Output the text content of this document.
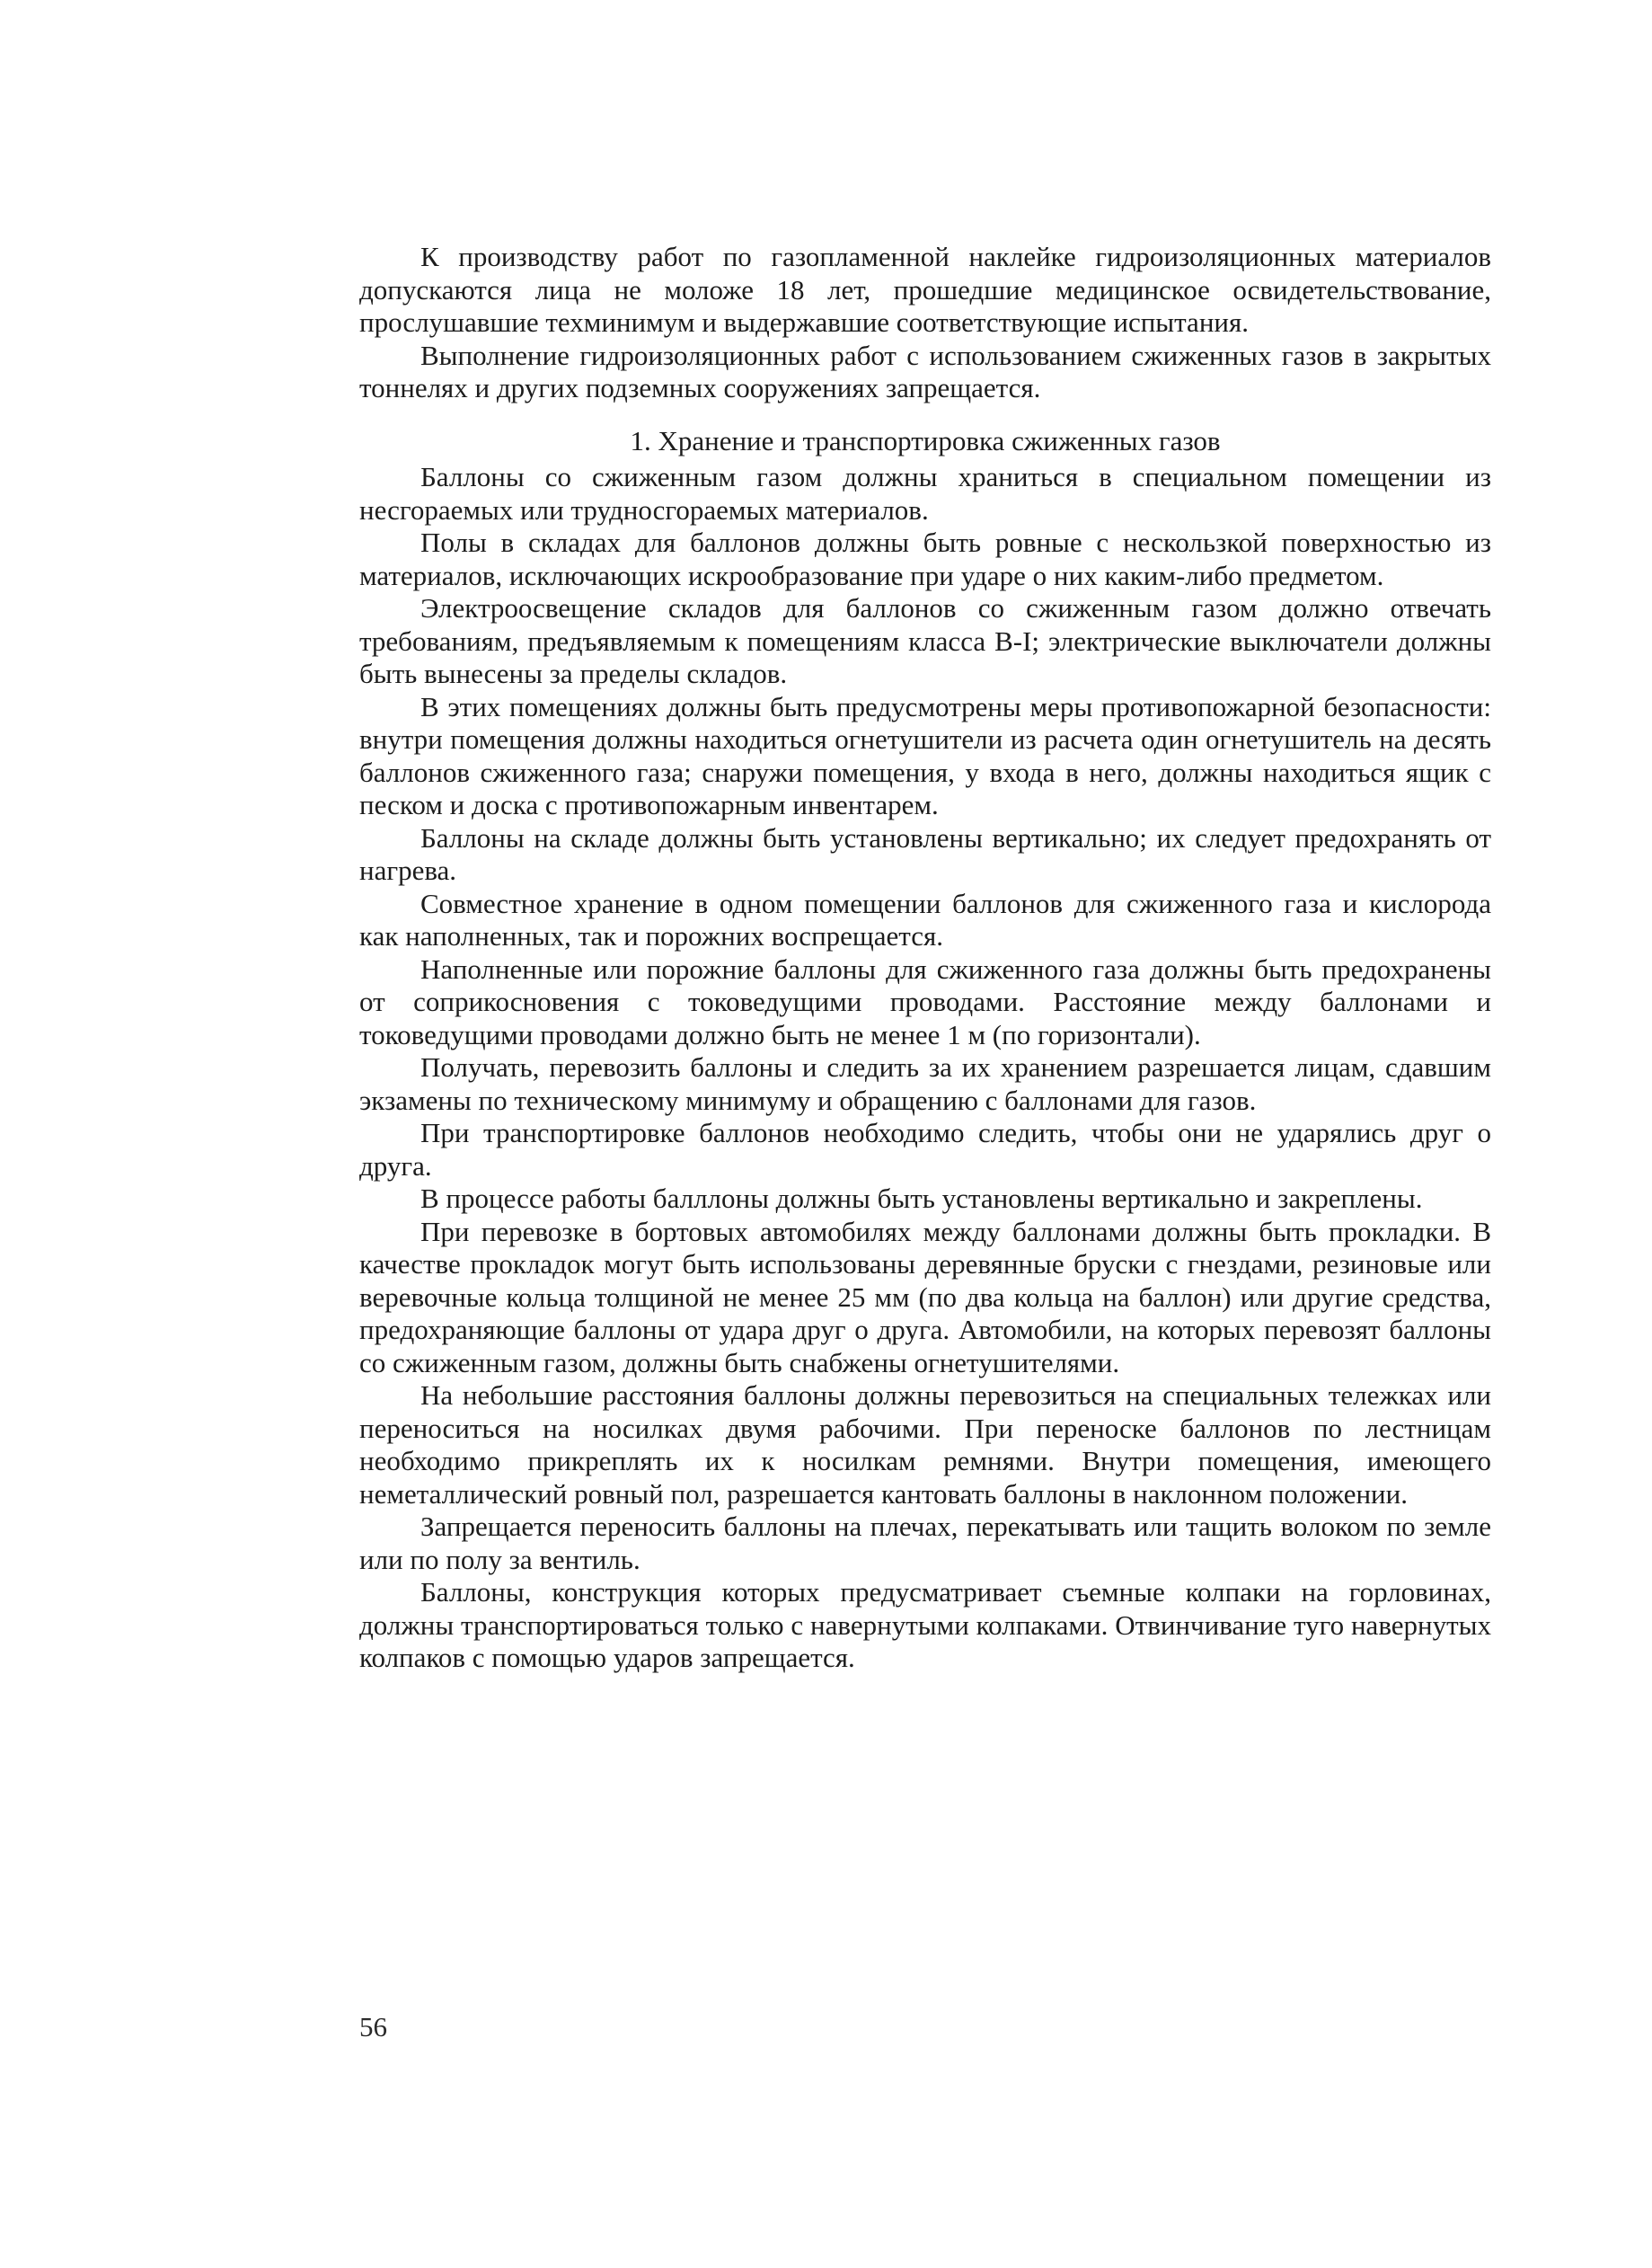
К производству работ по газопламенной наклейке гидроизоляционных материалов допускаются лица не моложе 18 лет, прошедшие медицинское освидетельствование, прослушавшие техминимум и выдержавшие соответствующие испытания.

Выполнение гидроизоляционных работ с использованием сжиженных газов в закрытых тоннелях и других подземных сооружениях запрещается.

1. Хранение и транспортировка сжиженных газов

Баллоны со сжиженным газом должны храниться в специальном помещении из несгораемых или трудносгораемых материалов.

Полы в складах для баллонов должны быть ровные с нескользкой поверхностью из материалов, исключающих искрообразование при ударе о них каким-либо предметом.

Электроосвещение складов для баллонов со сжиженным газом должно отвечать требованиям, предъявляемым к помещениям класса В-I; электрические выключатели должны быть вынесены за пределы складов.

В этих помещениях должны быть предусмотрены меры противопожарной безопасности: внутри помещения должны находиться огнетушители из расчета один огнетушитель на десять баллонов сжиженного газа; снаружи помещения, у входа в него, должны находиться ящик с песком и доска с противопожарным инвентарем.

Баллоны на складе должны быть установлены вертикально; их следует предохранять от нагрева.

Совместное хранение в одном помещении баллонов для сжиженного газа и кислорода как наполненных, так и порожних воспрещается.

Наполненные или порожние баллоны для сжиженного газа должны быть предохранены от соприкосновения с токоведущими проводами. Расстояние между баллонами и токоведущими проводами должно быть не менее 1 м (по горизонтали).

Получать, перевозить баллоны и следить за их хранением разрешается лицам, сдавшим экзамены по техническому минимуму и обращению с баллонами для газов.

При транспортировке баллонов необходимо следить, чтобы они не ударялись друг о друга.

В процессе работы балллоны должны быть установлены вертикально и закреплены.

При перевозке в бортовых автомобилях между баллонами должны быть прокладки. В качестве прокладок могут быть использованы деревянные бруски с гнездами, резиновые или веревочные кольца толщиной не менее 25 мм (по два кольца на баллон) или другие средства, предохраняющие баллоны от удара друг о друга. Автомобили, на которых перевозят баллоны со сжиженным газом, должны быть снабжены огнетушителями.

На небольшие расстояния баллоны должны перевозиться на специальных тележках или переноситься на носилках двумя рабочими. При переноске баллонов по лестницам необходимо прикреплять их к носилкам ремнями. Внутри помещения, имеющего неметаллический ровный пол, разрешается кантовать баллоны в наклонном положении.

Запрещается переносить баллоны на плечах, перекатывать или тащить волоком по земле или по полу за вентиль.

Баллоны, конструкция которых предусматривает съемные колпаки на горловинах, должны транспортироваться только с навернутыми колпаками. Отвинчивание туго навернутых колпаков с помощью ударов запрещается.

56
